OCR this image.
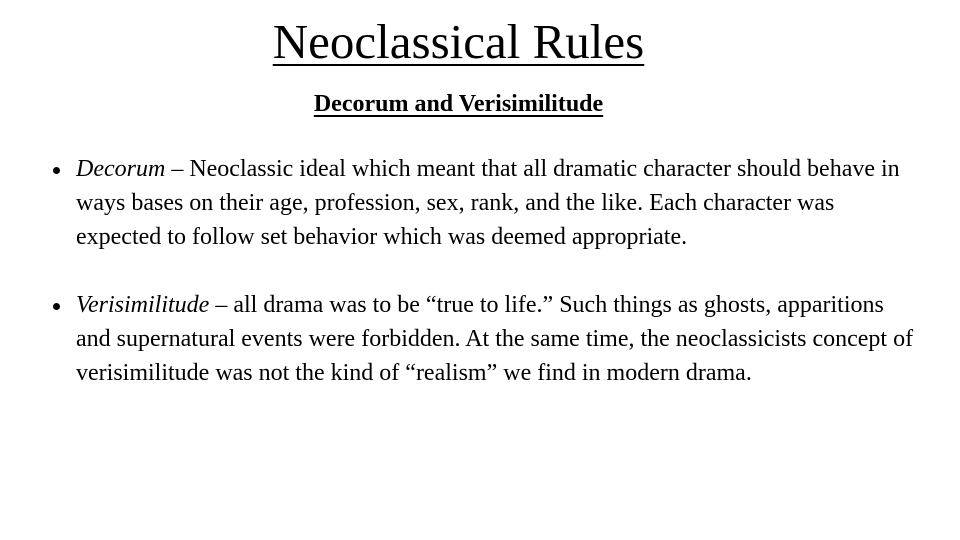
Neoclassical Rules
Decorum and Verisimilitude
Decorum – Neoclassic ideal which meant that all dramatic character should behave in ways bases on their age, profession, sex, rank, and the like. Each character was expected to follow set behavior which was deemed appropriate.
Verisimilitude – all drama was to be “true to life.” Such things as ghosts, apparitions and supernatural events were forbidden. At the same time, the neoclassicists concept of verisimilitude was not the kind of “realism” we find in modern drama.
